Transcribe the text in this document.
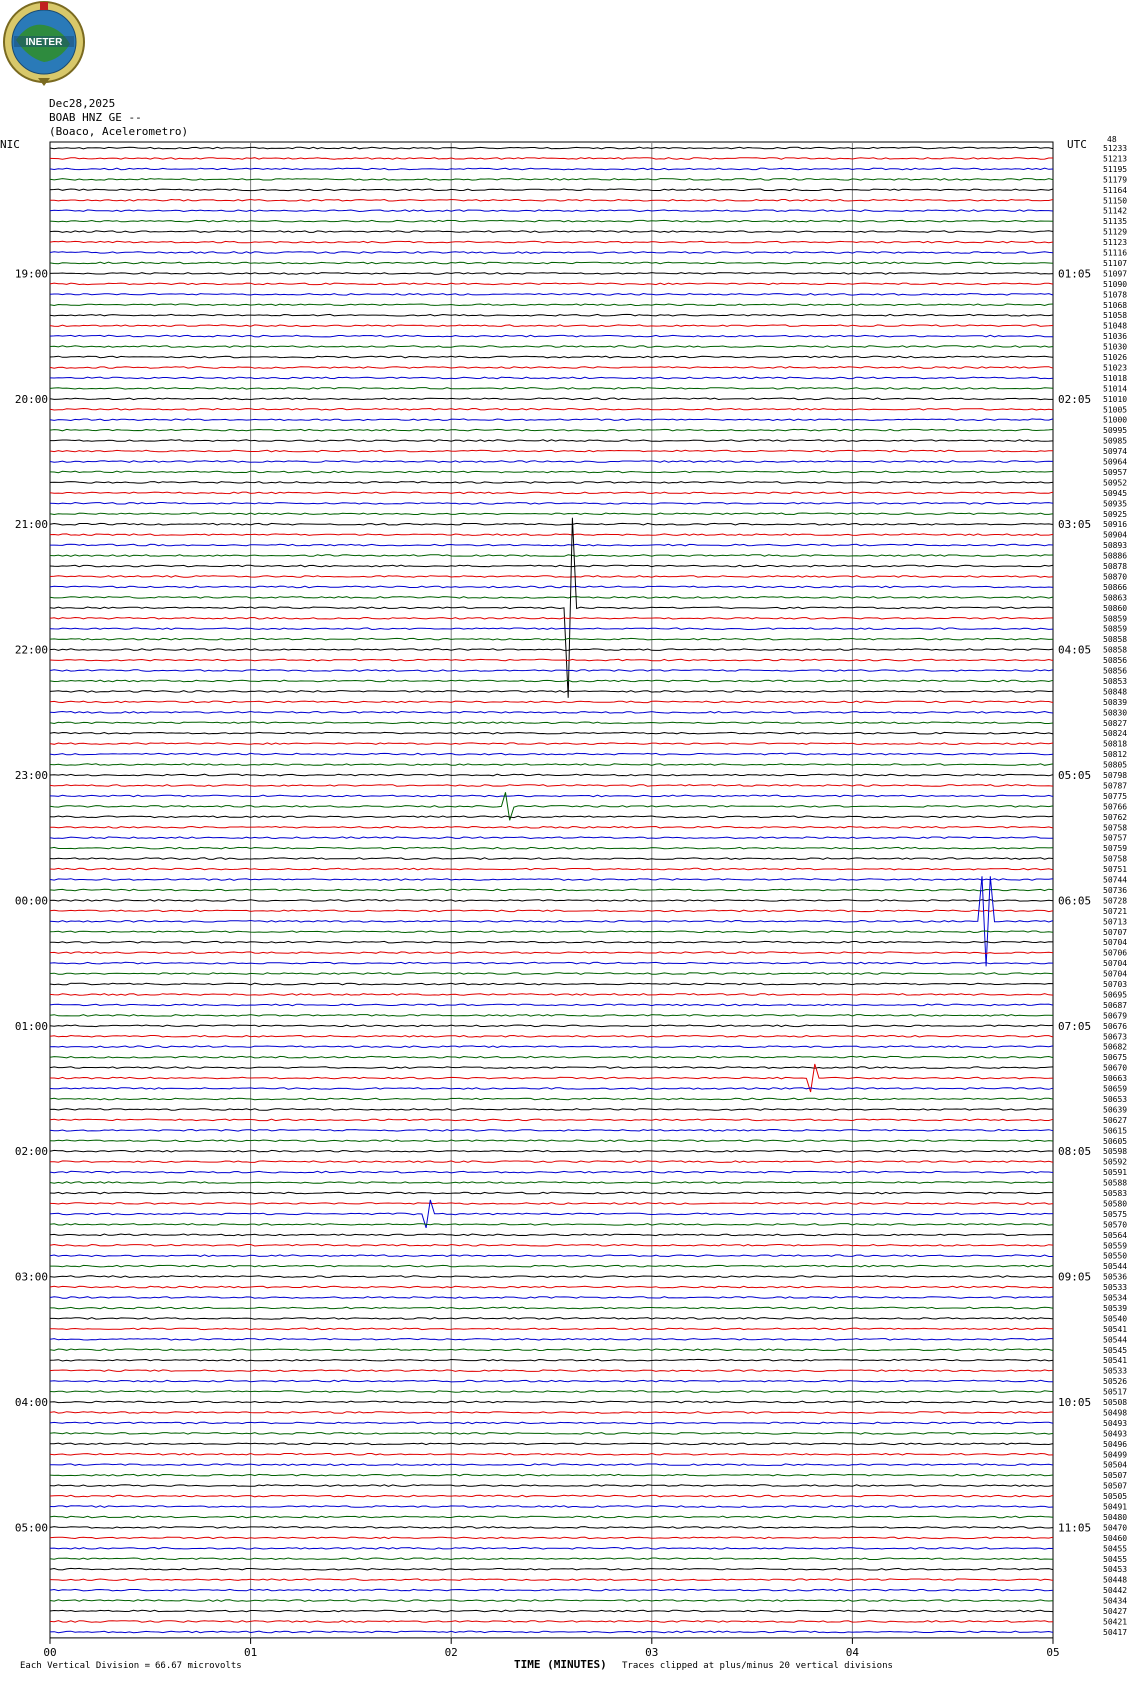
INETER
Dec28,2025
BOAB HNZ GE --
(Boaco, Acelerometro)
51233
51213
51195
51179
51164
51150
51142
51135
51129
51123
51116
51107
51097
51090
51078
51068
51058
51048
51036
51030
51026
51023
51018
51014
51010
51005
51000
50995
50985
50974
50964
50957
50952
50945
50935
50925
50916
50904
50893
50886
50878
50870
50866
50863
50860
50859
50859
50858
50858
50856
50856
50853
50848
50839
50830
50827
50824
50818
50812
50805
50798
50787
50775
50766
50762
50758
50757
50759
50758
50751
50744
50736
50728
50721
50713
50707
50704
50706
50704
50704
50703
50695
50687
50679
50676
50673
50682
50675
50670
50663
50659
50653
50639
50627
50615
50605
50598
50592
50591
50588
50583
50580
50575
50570
50564
50559
50550
50544
50536
50533
50534
50539
50540
50541
50544
50545
50541
50533
50526
50517
50508
50498
50493
50493
50496
50499
50504
50507
50507
50505
50491
50480
50470
50460
50455
50455
50453
50448
50442
50434
50427
50421
50417
NIC	UTC	48
19:00
20:00
21:00
22:00
23:00
00:00
01:00
02:00
03:00
04:00
05:00
01:05
02:05
03:05
04:05
05:05
06:05
07:05
08:05
09:05
10:05
11:05
00	01	02	03	04	05
Each Vertical Division = 66.67 microvolts	TIME (MINUTES) Traces clipped at plus/minus 20 vertical divisions
